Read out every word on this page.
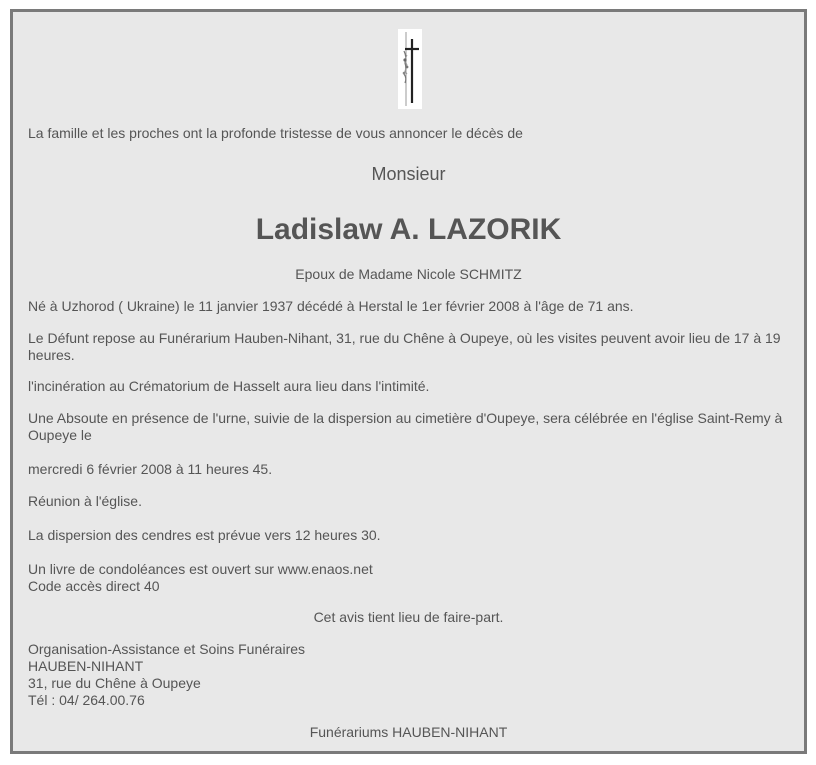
La famille et les proches ont la profonde tristesse de vous annoncer le décès de

Monsieur

Ladislaw A. LAZORIK

Epoux de Madame Nicole SCHMITZ

Né à Uzhorod ( Ukraine) le 11 janvier 1937 décédé à Herstal le 1er février 2008 à l'âge de 71 ans.

Le Défunt repose au Funérarium Hauben-Nihant, 31, rue du Chêne à Oupeye, où les visites peuvent avoir lieu de 17 à 19 heures.

l'incinération au Crématorium de Hasselt aura lieu dans l'intimité.

Une Absoute en présence de l'urne, suivie de la dispersion au cimetière d'Oupeye, sera célébrée en l'église Saint-Remy à Oupeye le

mercredi 6 février 2008 à 11 heures 45.

Réunion à l'église.

La dispersion des cendres est prévue vers 12 heures 30.

Un livre de condoléances est ouvert sur www.enaos.net

Code accès direct 40

Cet avis tient lieu de faire-part.

Organisation-Assistance et Soins Funéraires

HAUBEN-NIHANT

31, rue du Chêne à Oupeye

Tél : 04/ 264.00.76

Funérariums HAUBEN-NIHANT
